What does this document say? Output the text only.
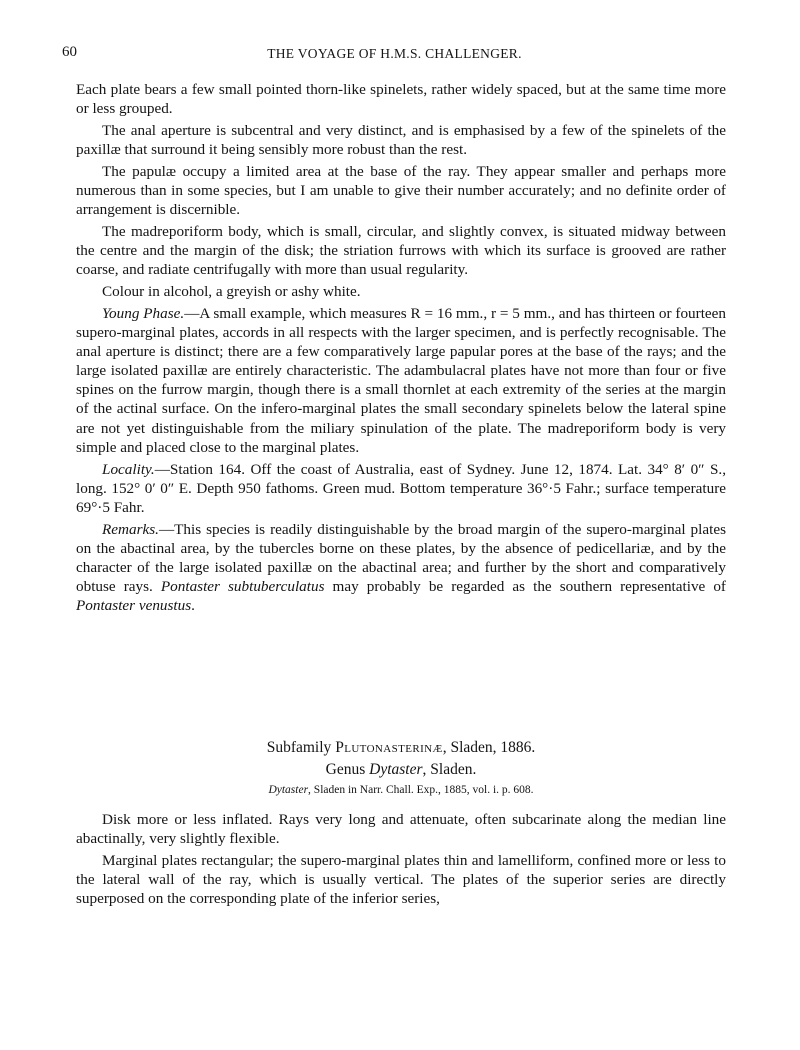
60	THE VOYAGE OF H.M.S. CHALLENGER.

Each plate bears a few small pointed thorn-like spinelets, rather widely spaced, but at the same time more or less grouped.

The anal aperture is subcentral and very distinct, and is emphasised by a few of the spinelets of the paxillæ that surround it being sensibly more robust than the rest.

The papulæ occupy a limited area at the base of the ray. They appear smaller and perhaps more numerous than in some species, but I am unable to give their number accurately; and no definite order of arrangement is discernible.

The madreporiform body, which is small, circular, and slightly convex, is situated midway between the centre and the margin of the disk; the striation furrows with which its surface is grooved are rather coarse, and radiate centrifugally with more than usual regularity.

Colour in alcohol, a greyish or ashy white.

Young Phase.—A small example, which measures R = 16 mm., r = 5 mm., and has thirteen or fourteen supero-marginal plates, accords in all respects with the larger specimen, and is perfectly recognisable. The anal aperture is distinct; there are a few comparatively large papular pores at the base of the rays; and the large isolated paxillæ are entirely characteristic. The adambulacral plates have not more than four or five spines on the furrow margin, though there is a small thornlet at each extremity of the series at the margin of the actinal surface. On the infero-marginal plates the small secondary spinelets below the lateral spine are not yet distinguishable from the miliary spinulation of the plate. The madreporiform body is very simple and placed close to the marginal plates.

Locality.—Station 164. Off the coast of Australia, east of Sydney. June 12, 1874. Lat. 34° 8′ 0″ S., long. 152° 0′ 0″ E. Depth 950 fathoms. Green mud. Bottom temperature 36°·5 Fahr.; surface temperature 69°·5 Fahr.

Remarks.—This species is readily distinguishable by the broad margin of the supero-marginal plates on the abactinal area, by the tubercles borne on these plates, by the absence of pedicellariæ, and by the character of the large isolated paxillæ on the abactinal area; and further by the short and comparatively obtuse rays. Pontaster subtuberculatus may probably be regarded as the southern representative of Pontaster venustus.

Subfamily Plutonasterinæ, Sladen, 1886.
Genus Dytaster, Sladen.
Dytaster, Sladen in Narr. Chall. Exp., 1885, vol. i. p. 608.

Disk more or less inflated. Rays very long and attenuate, often subcarinate along the median line abactinally, very slightly flexible.

Marginal plates rectangular; the supero-marginal plates thin and lamelliform, confined more or less to the lateral wall of the ray, which is usually vertical. The plates of the superior series are directly superposed on the corresponding plate of the inferior series,
